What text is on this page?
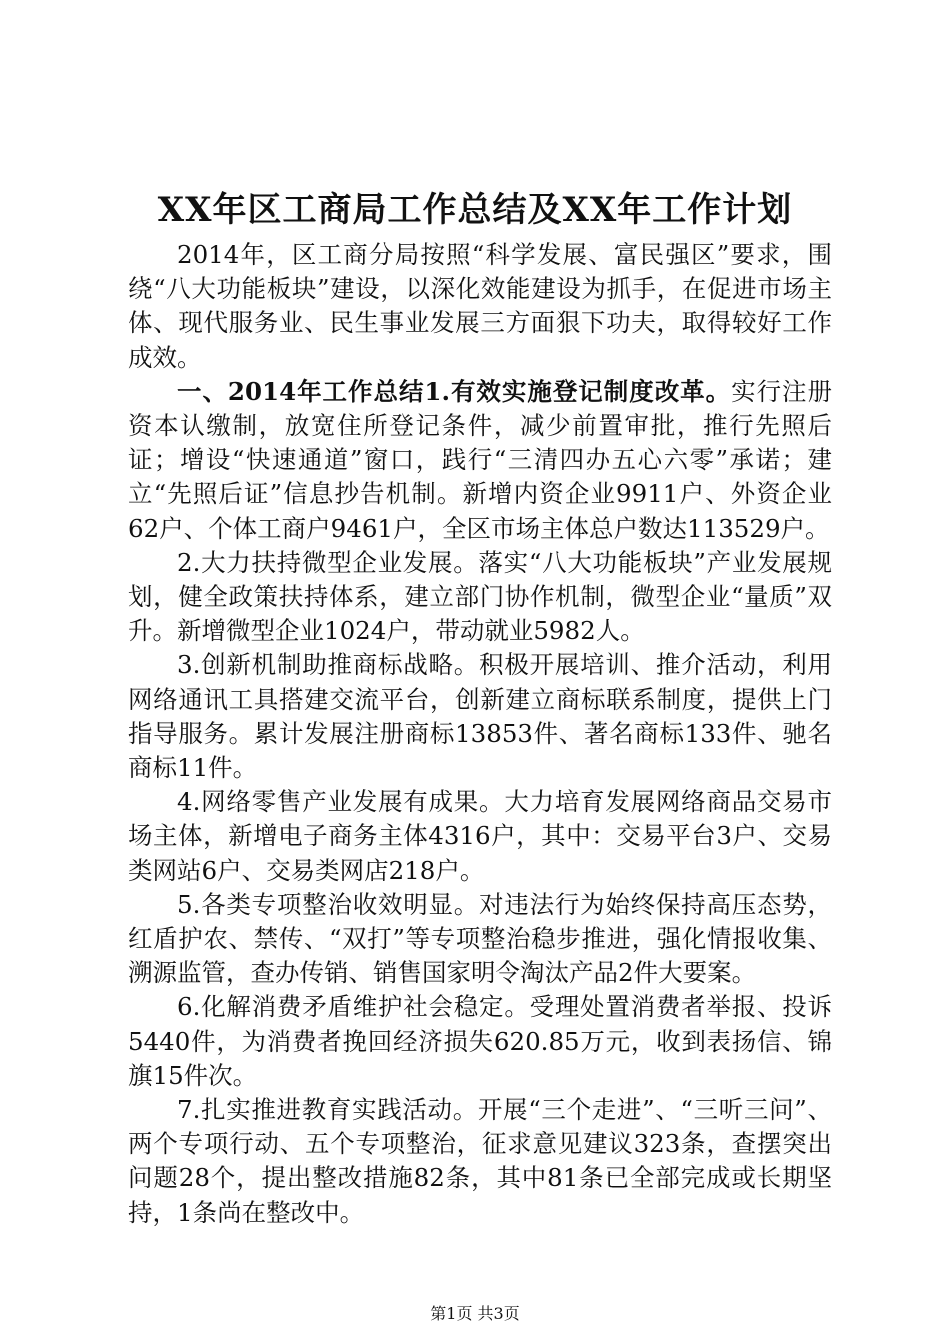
XX年区工商局工作总结及XX年工作计划

2014年，区工商分局按照“科学发展、富民强区”要求，围绕“八大功能板块”建设，以深化效能建设为抓手，在促进市场主体、现代服务业、民生事业发展三方面狠下功夫，取得较好工作成效。

一、2014年工作总结1.有效实施登记制度改革。实行注册资本认缴制，放宽住所登记条件，减少前置审批，推行先照后证；增设“快速通道”窗口，践行“三清四办五心六零”承诺；建立“先照后证”信息抄告机制。新增内资企业9911户、外资企业62户、个体工商户9461户，全区市场主体总户数达113529户。

2.大力扶持微型企业发展。落实“八大功能板块”产业发展规划，健全政策扶持体系，建立部门协作机制，微型企业“量质”双升。新增微型企业1024户，带动就业5982人。

3.创新机制助推商标战略。积极开展培训、推介活动，利用网络通讯工具搭建交流平台，创新建立商标联系制度，提供上门指导服务。累计发展注册商标13853件、著名商标133件、驰名商标11件。

4.网络零售产业发展有成果。大力培育发展网络商品交易市场主体，新增电子商务主体4316户，其中：交易平台3户、交易类网站6户、交易类网店218户。

5.各类专项整治收效明显。对违法行为始终保持高压态势，红盾护农、禁传、“双打”等专项整治稳步推进，强化情报收集、溯源监管，查办传销、销售国家明令淘汰产品2件大要案。

6.化解消费矛盾维护社会稳定。受理处置消费者举报、投诉5440件，为消费者挽回经济损失620.85万元，收到表扬信、锦旗15件次。

7.扎实推进教育实践活动。开展“三个走进”、“三听三问”、两个专项行动、五个专项整治，征求意见建议323条，查摆突出问题28个，提出整改措施82条，其中81条已全部完成或长期坚持，1条尚在整改中。

第1页 共3页
